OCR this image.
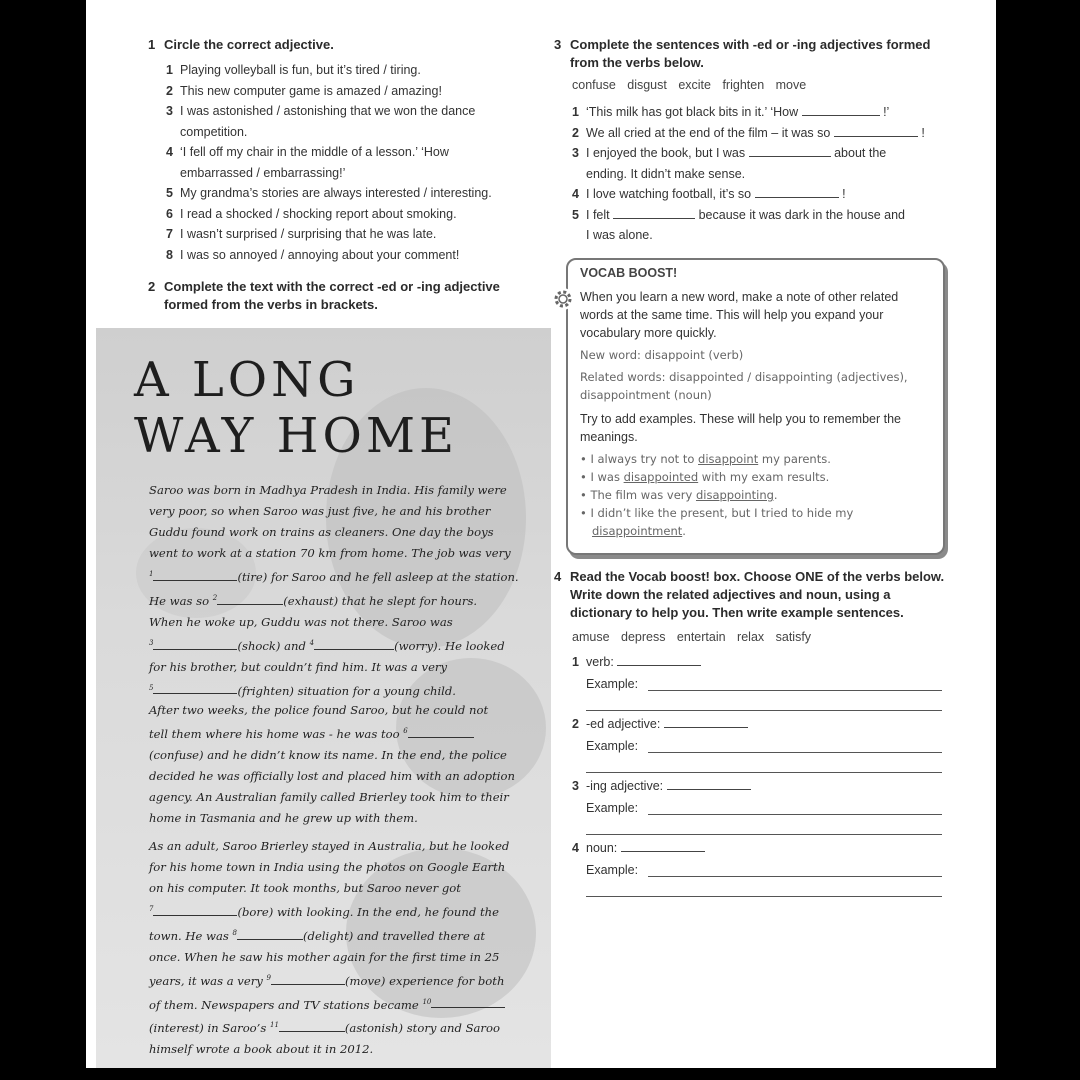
1 Circle the correct adjective.
1 Playing volleyball is fun, but it’s tired / tiring.
2 This new computer game is amazed / amazing!
3 I was astonished / astonishing that we won the dance
competition.
4 ‘I fell off my chair in the middle of a lesson.’ ‘How
embarrassed / embarrassing!’
5 My grandma’s stories are always interested / interesting.
6 I read a shocked / shocking report about smoking.
7 I wasn’t surprised / surprising that he was late.
8 I was so annoyed / annoying about your comment!
2 Complete the text with the correct -ed or -ing adjective
formed from the verbs in brackets.
A LONG
WAY HOME
Saroo was born in Madhya Pradesh in India. His family were
very poor, so when Saroo was just five, he and his brother
Guddu found work on trains as cleaners. One day the boys
went to work at a station 70 km from home. The job was very
$^1$	(tire) for Saroo and he fell asleep at the station.
He was so $^2$	(exhaust) that he slept for hours.
When he woke up, Guddu was not there. Saroo was
$^3$	(shock) and $^4$	(worry). He looked
for his brother, but couldn’t find him. It was a very
$^5$	(frighten) situation for a young child.
After two weeks, the police found Saroo, but he could not
tell them where his home was - he was too $^6$
(confuse) and he didn’t know its name. In the end, the police
decided he was officially lost and placed him with an adoption
agency. An Australian family called Brierley took him to their
home in Tasmania and he grew up with them.
As an adult, Saroo Brierley stayed in Australia, but he looked
for his home town in India using the photos on Google Earth
on his computer. It took months, but Saroo never got
$^7$	(bore) with looking. In the end, he found the
town. He was $^8$	(delight) and travelled there at
once. When he saw his mother again for the first time in 25
years, it was a very $^9$	(move) experience for both
of them. Newspapers and TV stations became $^{10}$
(interest) in Saroo’s $^{11}$	(astonish) story and Saroo
himself wrote a book about it in 2012.
3 Complete the sentences with -ed or -ing adjectives formed
from the verbs below.
confuse disgust excite frighten move
1 ‘This milk has got black bits in it.’ ‘How	!’
2 We all cried at the end of the film – it was so	!
3 I enjoyed the book, but I was	about the
ending. It didn’t make sense.
4 I love watching football, it’s so	!
5 I felt	because it was dark in the house and
I was alone.
VOCAB BOOST!
When you learn a new word, make a note of other related
words at the same time. This will help you expand your
vocabulary more quickly.
New word: disappoint (verb)
Related words: disappointed / disappointing (adjectives),
disappointment (noun)
Try to add examples. These will help you to remember the
meanings.
• I always try not to disappoint my parents.
• I was disappointed with my exam results.
• The film was very disappointing.
• I didn’t like the present, but I tried to hide my
disappointment.
4 Read the Vocab boost! box. Choose ONE of the verbs below.
Write down the related adjectives and noun, using a
dictionary to help you. Then write example sentences.
amuse depress entertain relax satisfy
1 verb:
Example:
2 -ed adjective:
Example:
3 -ing adjective:
Example:
4 noun:
Example:
